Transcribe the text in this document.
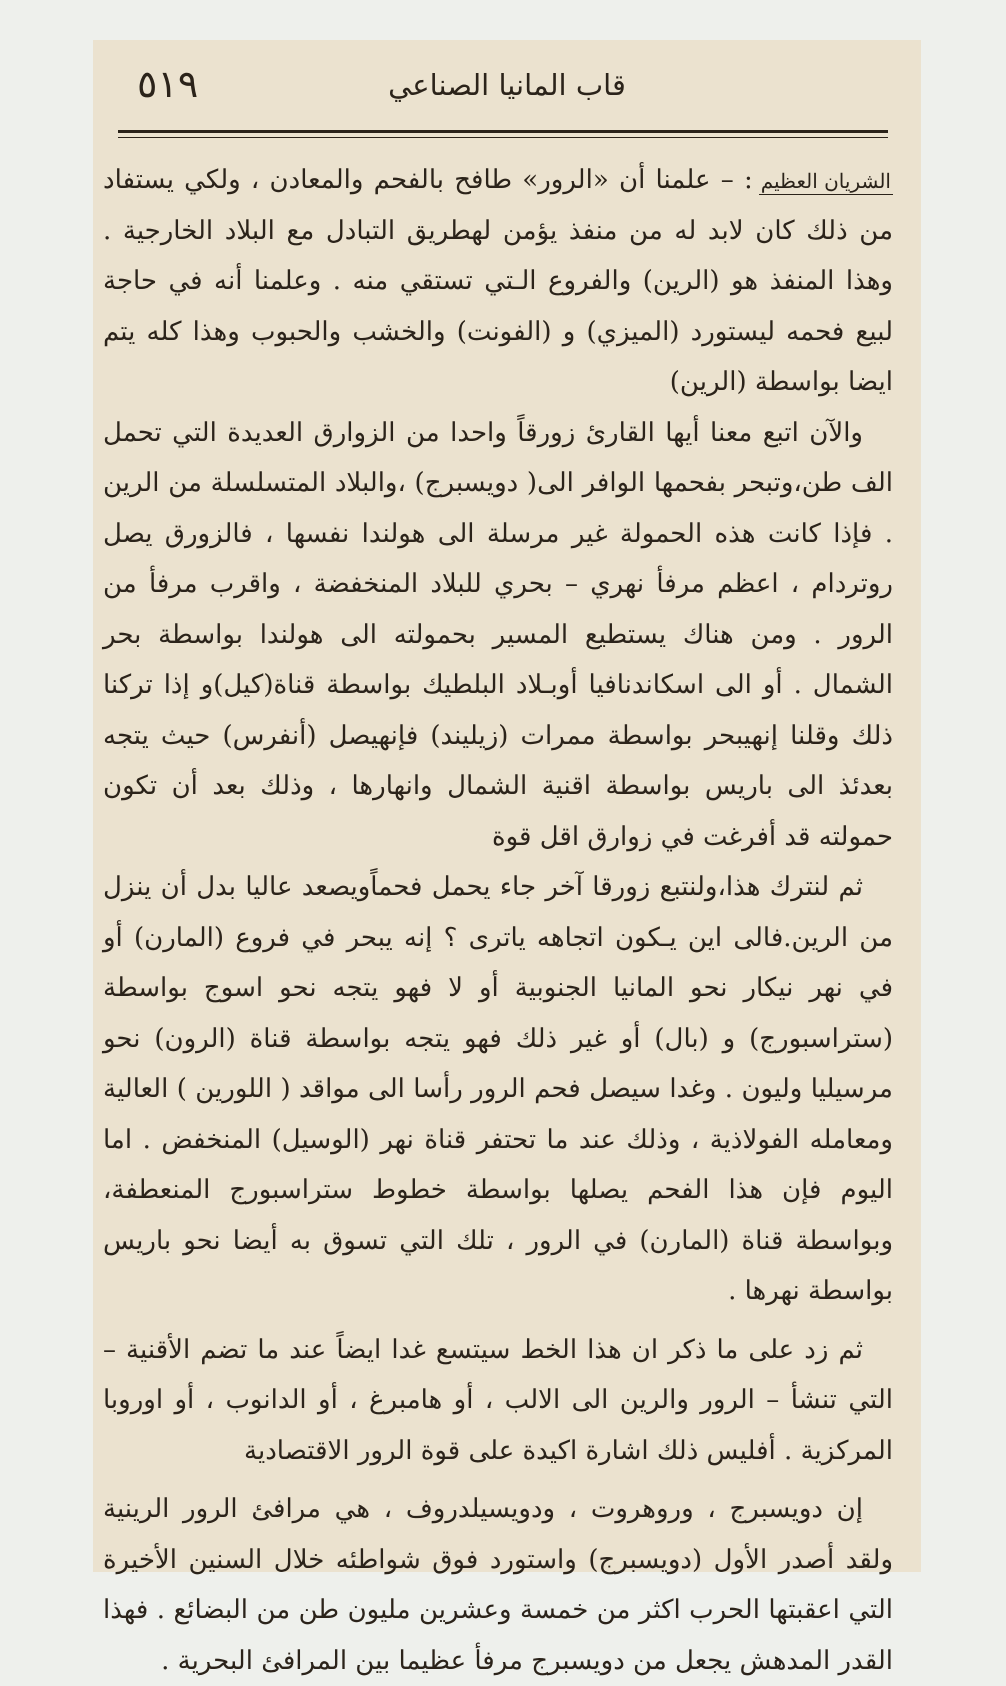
٥١٩	قاب المانيا الصناعي

الشريان العظيم: – علمنا أن «الرور» طافح بالفحم والمعادن ، ولكي يستفاد من ذلك كان لابد له من منفذ يؤمن لهطريق التبادل مع البلاد الخارجية . وهذا المنفذ هو (الرين) والفروع الـتي تستقي منه . وعلمنا أنه في حاجة لبيع فحمه ليستورد (الميزي) و (الفونت) والخشب والحبوب وهذا كله يتم ايضا بواسطة (الرين)

والآن اتبع معنا أيها القارئ زورقاً واحدا من الزوارق العديدة التي تحمل الف طن،وتبحر بفحمها الوافر الى( دويسبرج) ،والبلاد المتسلسلة من الرين . فإذا كانت هذه الحمولة غير مرسلة الى هولندا نفسها ، فالزورق يصل روتردام ، اعظم مرفأ نهري – بحري للبلاد المنخفضة ، واقرب مرفأ من الرور . ومن هناك يستطيع المسير بحمولته الى هولندا بواسطة بحر الشمال . أو الى اسكاندنافيا أوبـلاد البلطيك بواسطة قناة(كيل)و إذا تركنا ذلك وقلنا إنهيبحر بواسطة ممرات (زيليند) فإنهيصل (أنفرس) حيث يتجه بعدئذ الى باريس بواسطة اقنية الشمال وانهارها ، وذلك بعد أن تكون حمولته قد أفرغت في زوارق اقل قوة

ثم لنترك هذا،ولنتبع زورقا آخر جاء يحمل فحماًويصعد عاليا بدل أن ينزل من الرين.فالى اين يـكون اتجاهه ياترى ؟ إنه يبحر في فروع (المارن) أو في نهر نيكار نحو المانيا الجنوبية أو لا فهو يتجه نحو اسوج بواسطة (ستراسبورج) و (بال) أو غير ذلك فهو يتجه بواسطة قناة (الرون) نحو مرسيليا وليون . وغدا سيصل فحم الرور رأسا الى مواقد ( اللورين ) العالية ومعامله الفولاذية ، وذلك عند ما تحتفر قناة نهر (الوسيل) المنخفض . اما اليوم فإن هذا الفحم يصلها بواسطة خطوط ستراسبورج المنعطفة، وبواسطة قناة (المارن) في الرور ، تلك التي تسوق به أيضا نحو باريس بواسطة نهرها .

ثم زد على ما ذكر ان هذا الخط سيتسع غدا ايضاً عند ما تضم الأقنية – التي تنشأ – الرور والرين الى الالب ، أو هامبرغ ، أو الدانوب ، أو اوروبا المركزية . أفليس ذلك اشارة اكيدة على قوة الرور الاقتصادية

إن دويسبرج ، وروهروت ، ودويسيلدروف ، هي مرافئ الرور الرينية ولقد أصدر الأول (دويسبرج) واستورد فوق شواطئه خلال السنين الأخيرة التي اعقبتها الحرب اكثر من خمسة وعشرين مليون طن من البضائع . فهذا القدر المدهش يجعل من دويسبرج مرفأ عظيما بين المرافئ البحرية .
